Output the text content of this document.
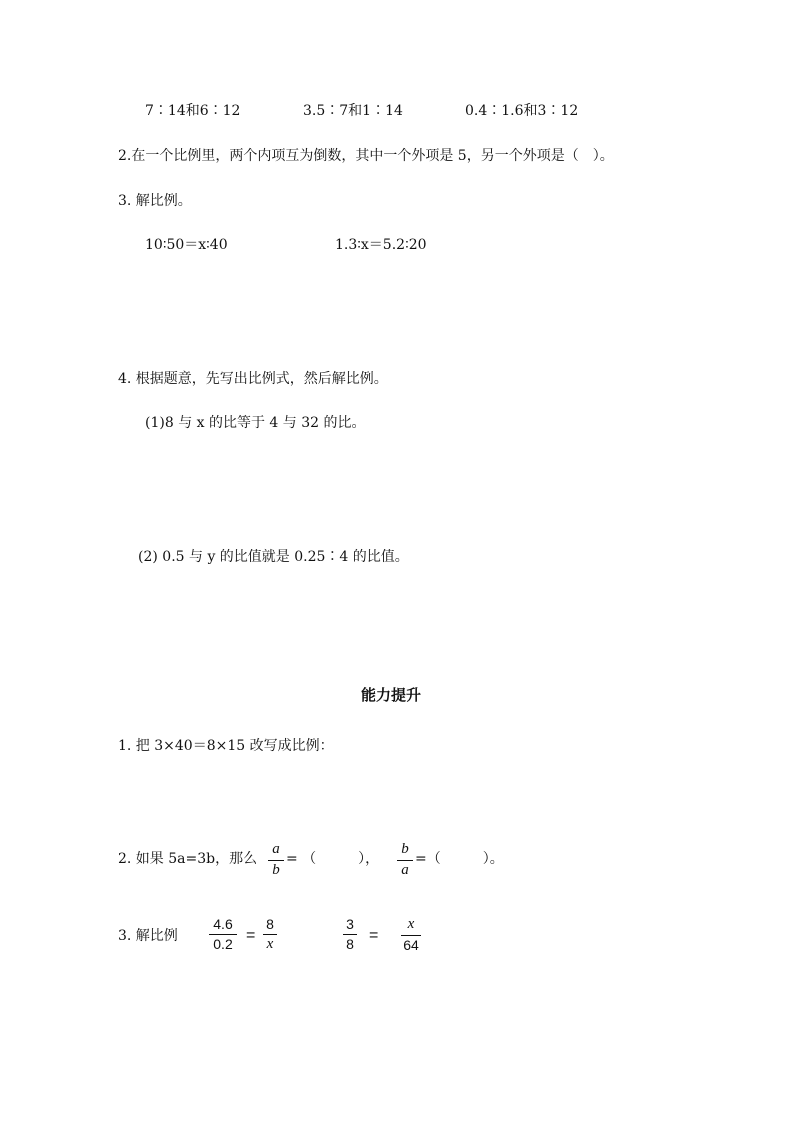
7∶14和6∶12	3.5∶7和1∶14	0.4∶1.6和3∶12
2.在一个比例里，两个内项互为倒数，其中一个外项是 5，另一个外项是（　）。
3. 解比例。
10∶50＝x∶40	1.3∶x＝5.2∶20
4. 根据题意，先写出比例式，然后解比例。
(1)8 与 x 的比等于 4 与 32 的比。
(2) 0.5 与 y 的比值就是 0.25∶4 的比值。
能力提升
1. 把 3×40＝8×15 改写成比例：
2. 如果 5a=3b，那么
a
b
= （　　　），
b
a
=（　　　）。
3. 解比例
4.6
0.2 =
8
x
3
8 =
x
64
